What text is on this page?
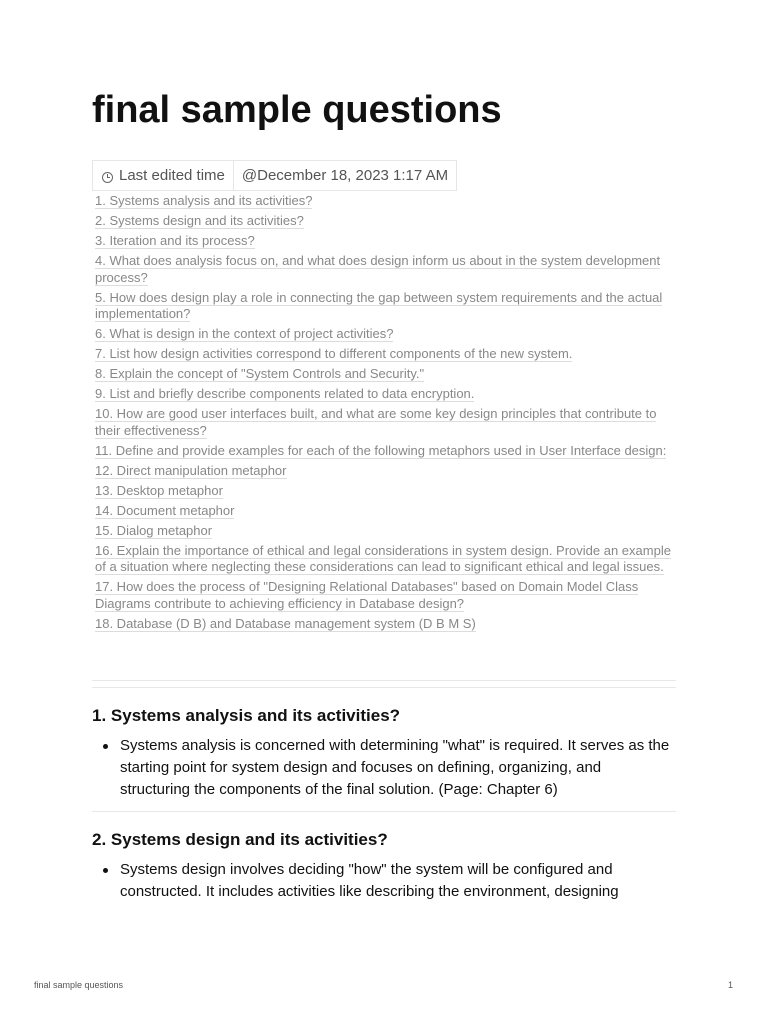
final sample questions
Last edited time	@December 18, 2023 1:17 AM
1. Systems analysis and its activities?
2. Systems design and its activities?
3. Iteration and its process?
4. What does analysis focus on, and what does design inform us about in the system development process?
5. How does design play a role in connecting the gap between system requirements and the actual implementation?
6. What is design in the context of project activities?
7. List how design activities correspond to different components of the new system.
8. Explain the concept of "System Controls and Security."
9. List and briefly describe components related to data encryption.
10. How are good user interfaces built, and what are some key design principles that contribute to their effectiveness?
11. Define and provide examples for each of the following metaphors used in User Interface design:
12. Direct manipulation metaphor
13. Desktop metaphor
14. Document metaphor
15. Dialog metaphor
16. Explain the importance of ethical and legal considerations in system design. Provide an example of a situation where neglecting these considerations can lead to significant ethical and legal issues.
17. How does the process of "Designing Relational Databases" based on Domain Model Class Diagrams contribute to achieving efficiency in Database design?
18. Database (D B) and Database management system (D B M S)
1. Systems analysis and its activities?

Systems analysis is concerned with determining "what" is required. It serves as the starting point for system design and focuses on defining, organizing, and structuring the components of the final solution. (Page: Chapter 6)

2. Systems design and its activities?

Systems design involves deciding "how" the system will be configured and constructed. It includes activities like describing the environment, designing

final sample questions	1
